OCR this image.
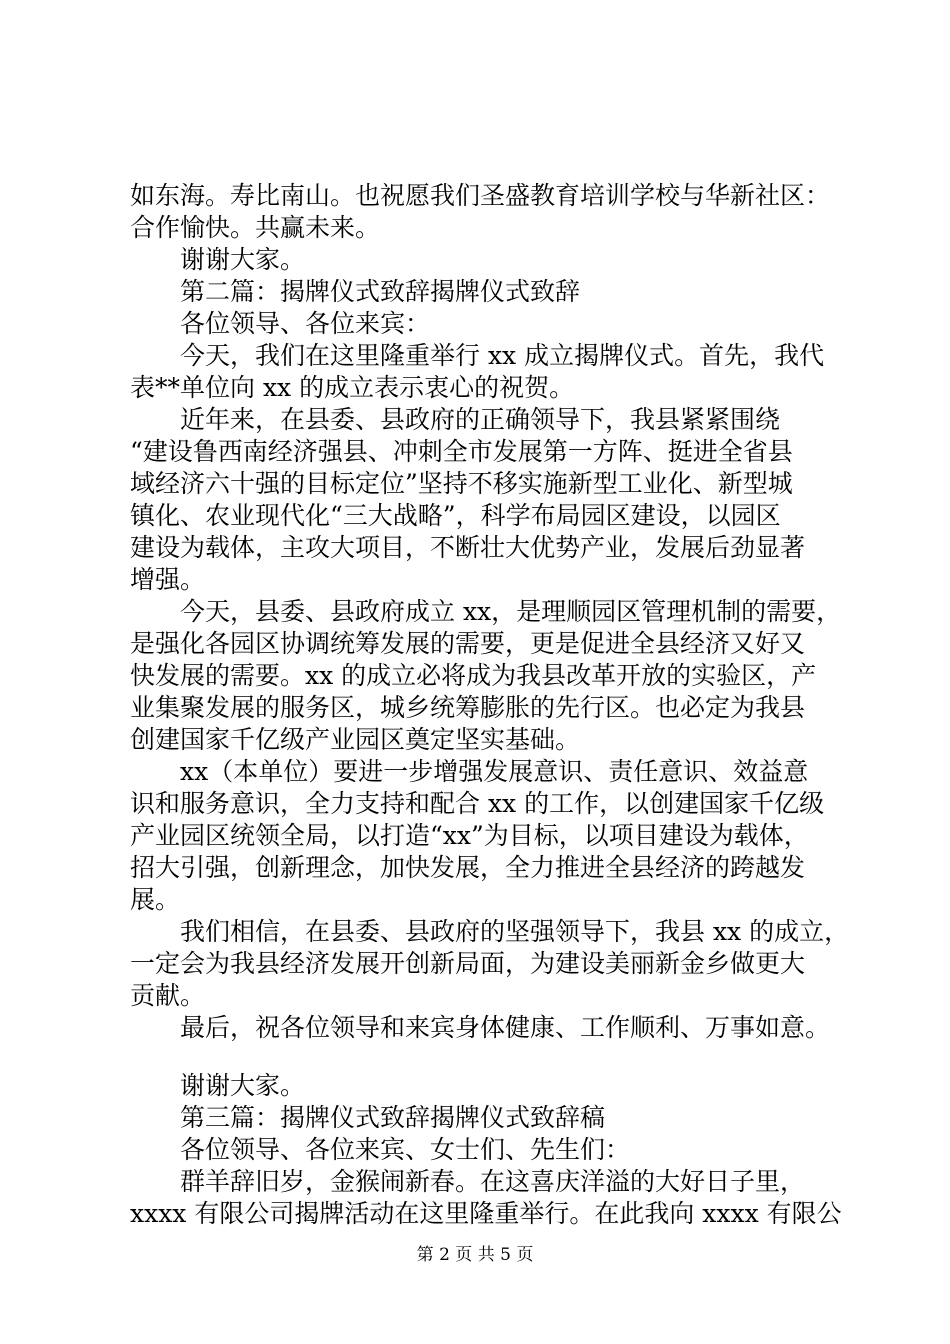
如东海。寿比南山。也祝愿我们圣盛教育培训学校与华新社区：
合作愉快。共赢未来。
谢谢大家。
第二篇：揭牌仪式致辞揭牌仪式致辞
各位领导、各位来宾：
今天，我们在这里隆重举行 xx 成立揭牌仪式。首先，我代
表**单位向 xx 的成立表示衷心的祝贺。
近年来，在县委、县政府的正确领导下，我县紧紧围绕
“建设鲁西南经济强县、冲刺全市发展第一方阵、挺进全省县
域经济六十强的目标定位”坚持不移实施新型工业化、新型城
镇化、农业现代化“三大战略”，科学布局园区建设，以园区
建设为载体，主攻大项目，不断壮大优势产业，发展后劲显著
增强。
今天，县委、县政府成立 xx，是理顺园区管理机制的需要，
是强化各园区协调统筹发展的需要，更是促进全县经济又好又
快发展的需要。xx 的成立必将成为我县改革开放的实验区，产
业集聚发展的服务区，城乡统筹膨胀的先行区。也必定为我县
创建国家千亿级产业园区奠定坚实基础。
xx（本单位）要进一步增强发展意识、责任意识、效益意
识和服务意识，全力支持和配合 xx 的工作，以创建国家千亿级
产业园区统领全局，以打造“xx”为目标，以项目建设为载体，
招大引强，创新理念，加快发展，全力推进全县经济的跨越发
展。
我们相信，在县委、县政府的坚强领导下，我县 xx 的成立，
一定会为我县经济发展开创新局面，为建设美丽新金乡做更大
贡献。
最后，祝各位领导和来宾身体健康、工作顺利、万事如意。
谢谢大家。
第三篇：揭牌仪式致辞揭牌仪式致辞稿
各位领导、各位来宾、女士们、先生们：
群羊辞旧岁，金猴闹新春。在这喜庆洋溢的大好日子里，
xxxx 有限公司揭牌活动在这里隆重举行。在此我向 xxxx 有限公
第 2 页 共 5 页
